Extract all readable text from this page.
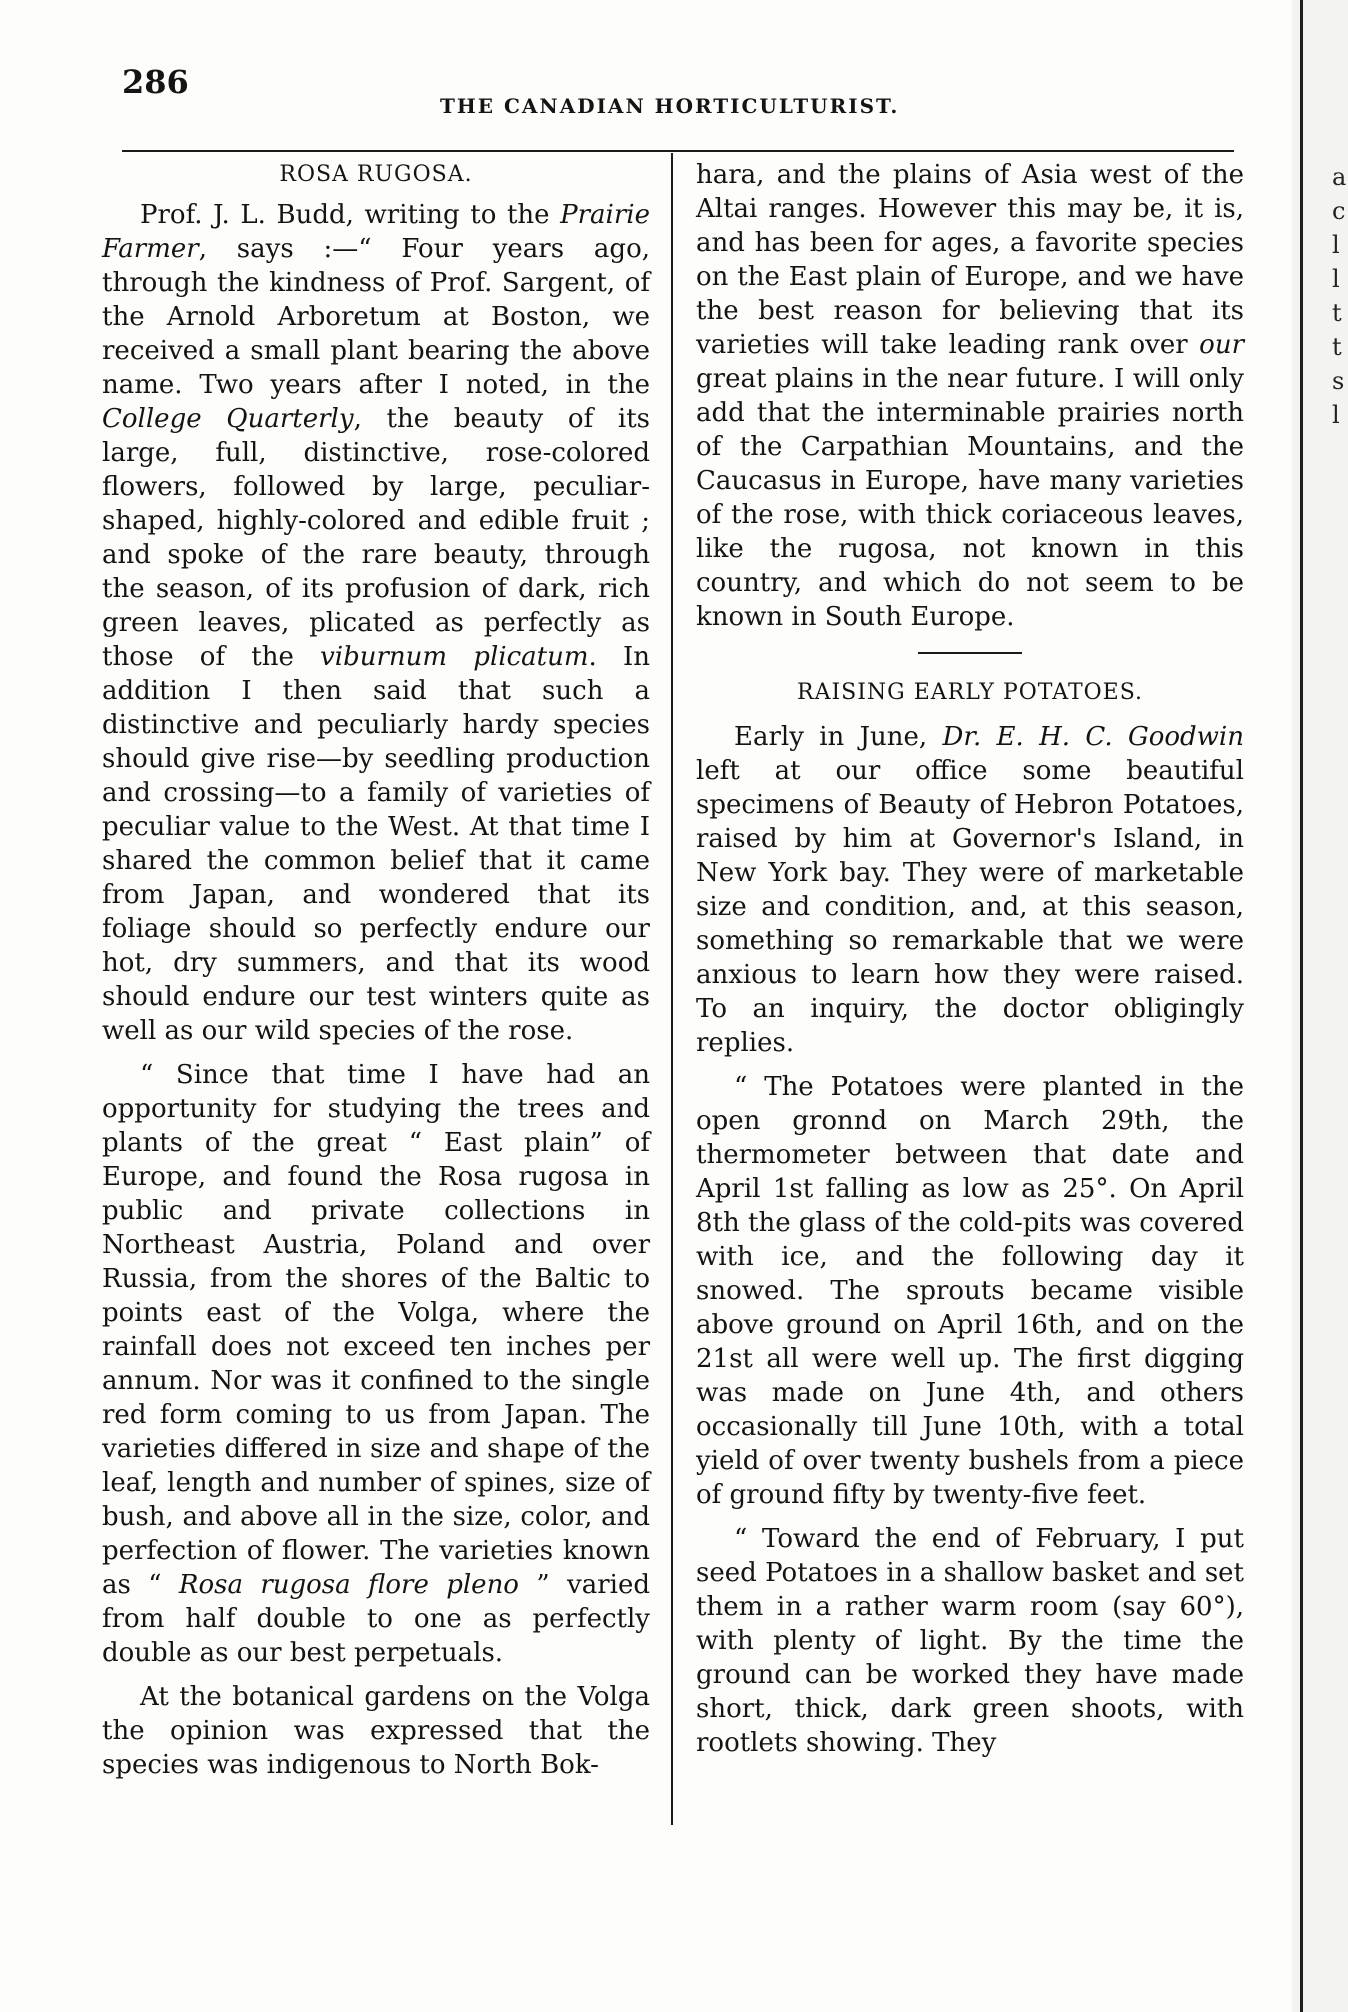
286
THE CANADIAN HORTICULTURIST.
ROSA RUGOSA.

Prof. J. L. Budd, writing to the Prairie Farmer, says :—“ Four years ago, through the kindness of Prof. Sargent, of the Arnold Arboretum at Boston, we received a small plant bearing the above name. Two years after I noted, in the College Quarterly, the beauty of its large, full, distinctive, rose-colored flowers, followed by large, peculiar-shaped, highly-colored and edible fruit ; and spoke of the rare beauty, through the season, of its profusion of dark, rich green leaves, plicated as perfectly as those of the viburnum plicatum. In addition I then said that such a distinctive and peculiarly hardy species should give rise—by seedling production and crossing—to a family of varieties of peculiar value to the West. At that time I shared the common belief that it came from Japan, and wondered that its foliage should so perfectly endure our hot, dry summers, and that its wood should endure our test winters quite as well as our wild species of the rose.

“ Since that time I have had an opportunity for studying the trees and plants of the great “ East plain” of Europe, and found the Rosa rugosa in public and private collections in Northeast Austria, Poland and over Russia, from the shores of the Baltic to points east of the Volga, where the rainfall does not exceed ten inches per annum. Nor was it confined to the single red form coming to us from Japan. The varieties differed in size and shape of the leaf, length and number of spines, size of bush, and above all in the size, color, and perfection of flower. The varieties known as “ Rosa rugosa flore pleno ” varied from half double to one as perfectly double as our best perpetuals.

At the botanical gardens on the Volga the opinion was expressed that the species was indigenous to North Bok-

hara, and the plains of Asia west of the Altai ranges. However this may be, it is, and has been for ages, a favorite species on the East plain of Europe, and we have the best reason for believing that its varieties will take leading rank over our great plains in the near future. I will only add that the interminable prairies north of the Carpathian Mountains, and the Caucasus in Europe, have many varieties of the rose, with thick coriaceous leaves, like the rugosa, not known in this country, and which do not seem to be known in South Europe.

RAISING EARLY POTATOES.

Early in June, Dr. E. H. C. Goodwin left at our office some beautiful specimens of Beauty of Hebron Potatoes, raised by him at Governor's Island, in New York bay. They were of marketable size and condition, and, at this season, something so remarkable that we were anxious to learn how they were raised. To an inquiry, the doctor obligingly replies.

“ The Potatoes were planted in the open gronnd on March 29th, the thermometer between that date and April 1st falling as low as 25°. On April 8th the glass of the cold-pits was covered with ice, and the following day it snowed. The sprouts became visible above ground on April 16th, and on the 21st all were well up. The first digging was made on June 4th, and others occasionally till June 10th, with a total yield of over twenty bushels from a piece of ground fifty by twenty-five feet.

“ Toward the end of February, I put seed Potatoes in a shallow basket and set them in a rather warm room (say 60°), with plenty of light. By the time the ground can be worked they have made short, thick, dark green shoots, with rootlets showing. They

a
c
l
l
t
t
s
l
